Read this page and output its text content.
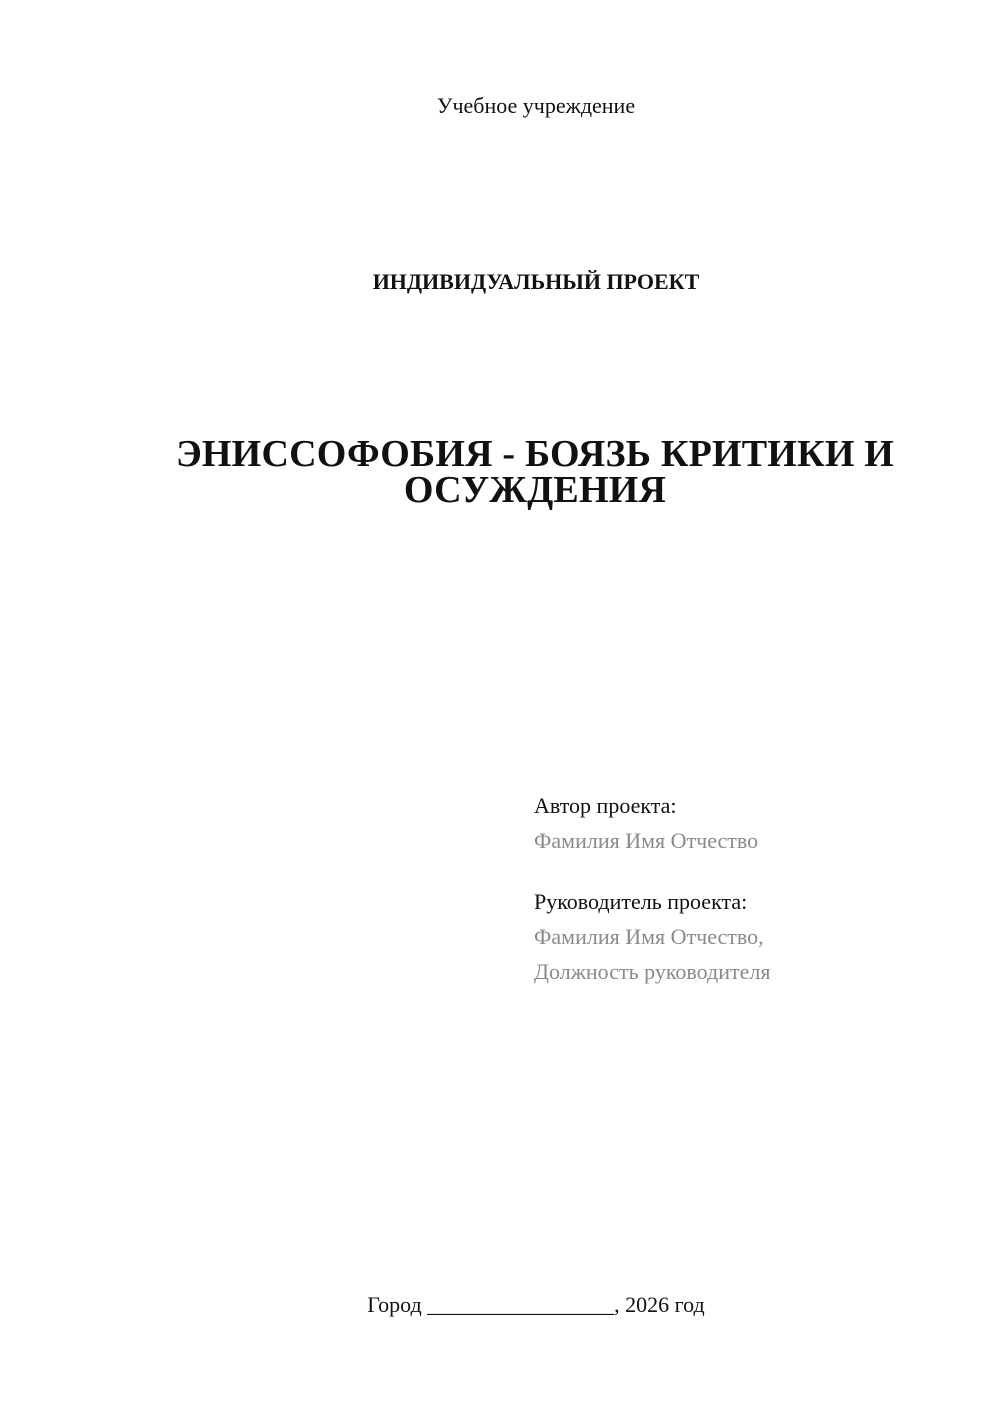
Учебное учреждение
ИНДИВИДУАЛЬНЫЙ ПРОЕКТ
ЭНИССОФОБИЯ - БОЯЗЬ КРИТИКИ И
ОСУЖДЕНИЯ
Автор проекта:
Фамилия Имя Отчество
Руководитель проекта:
Фамилия Имя Отчество,
Должность руководителя
Город _________________, 2026 год
